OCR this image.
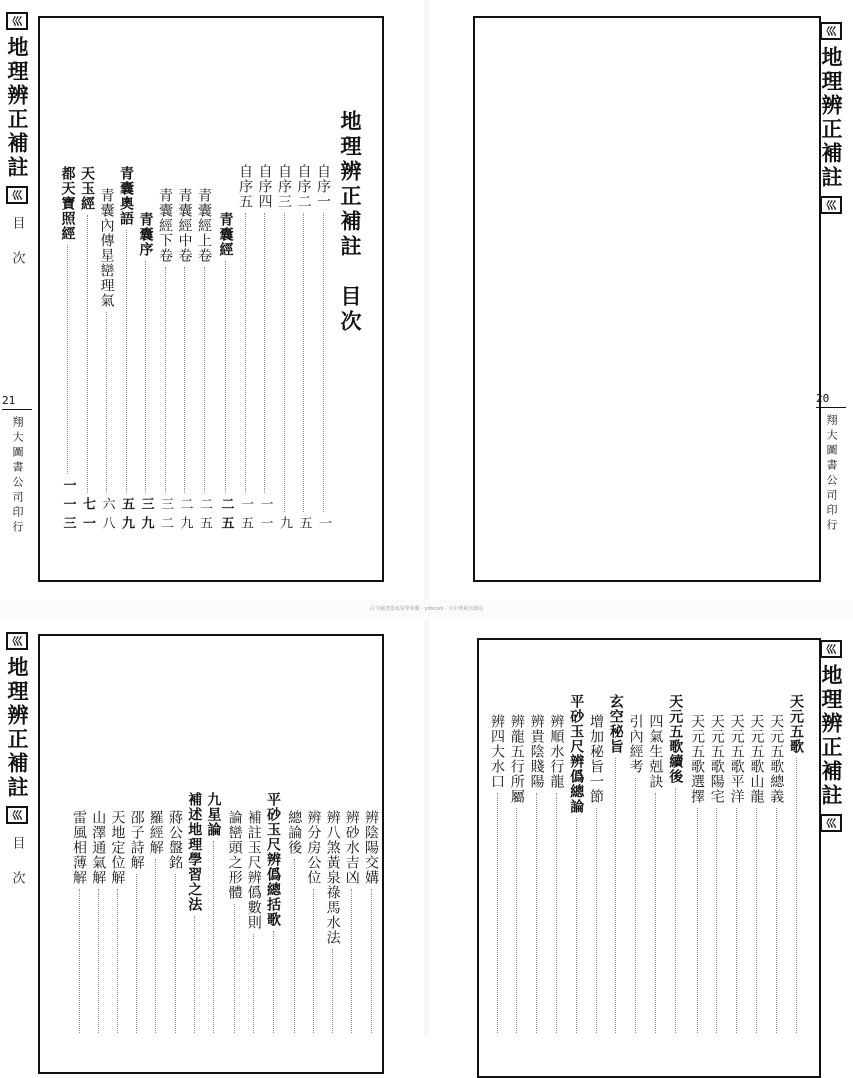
巛
地理辨正補註
巛
目次
21
翔大圖書公司印行
地理辨正補註　目次
自序一
一
自序二
五
自序三
九
自序四
一一
自序五
一五
青囊經
二五
青囊經上卷
二五
青囊經中卷
二九
青囊經下卷
三二
青囊序
三九
青囊奧語
五九
青囊內傳星巒理氣
六八
天玉經
七一
都天寶照經
一一三
巛
地理辨正補註
巛
20
翔大圖書公司印行
古今圖書集成易學象數 · ydscool · 大中華風水網站
巛
地理辨正補註
巛
目次	辨陰陽交媾
辨砂水吉凶
辨八煞黃泉祿馬水法
辨分房公位
總論後
平砂玉尺辨僞總括歌
補註玉尺辨僞數則
論巒頭之形體
九星論
補述地理學習之法
蔣公盤銘
羅經解
邵子詩解
天地定位解
山澤通氣解
雷風相薄解
巛
地理辨正補註
巛
天元五歌
天元五歌總義
天元五歌山龍
天元五歌平洋
天元五歌陽宅
天元五歌選擇
天元五歌續後
四氣生剋訣
引內經考
玄空秘旨
增加秘旨一節
平砂玉尺辨僞總論
辨順水行龍
辨貴陰賤陽
辨龍五行所屬
辨四大水口
